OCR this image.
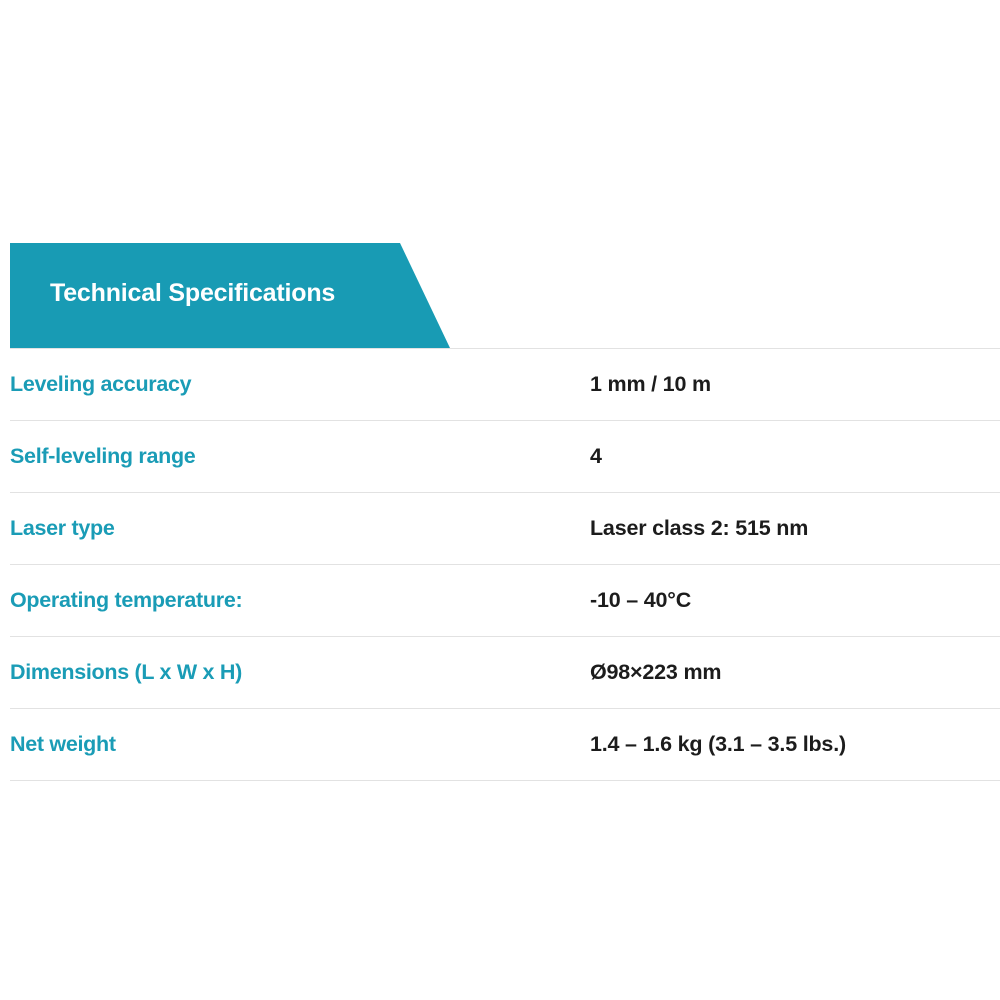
Technical Specifications
Leveling accuracy	1 mm / 10 m
Self-leveling range	4
Laser type	Laser class 2: 515 nm
Operating temperature:	-10 – 40°C
Dimensions (L x W x H)	Ø98×223 mm
Net weight	1.4 – 1.6 kg (3.1 – 3.5 lbs.)
